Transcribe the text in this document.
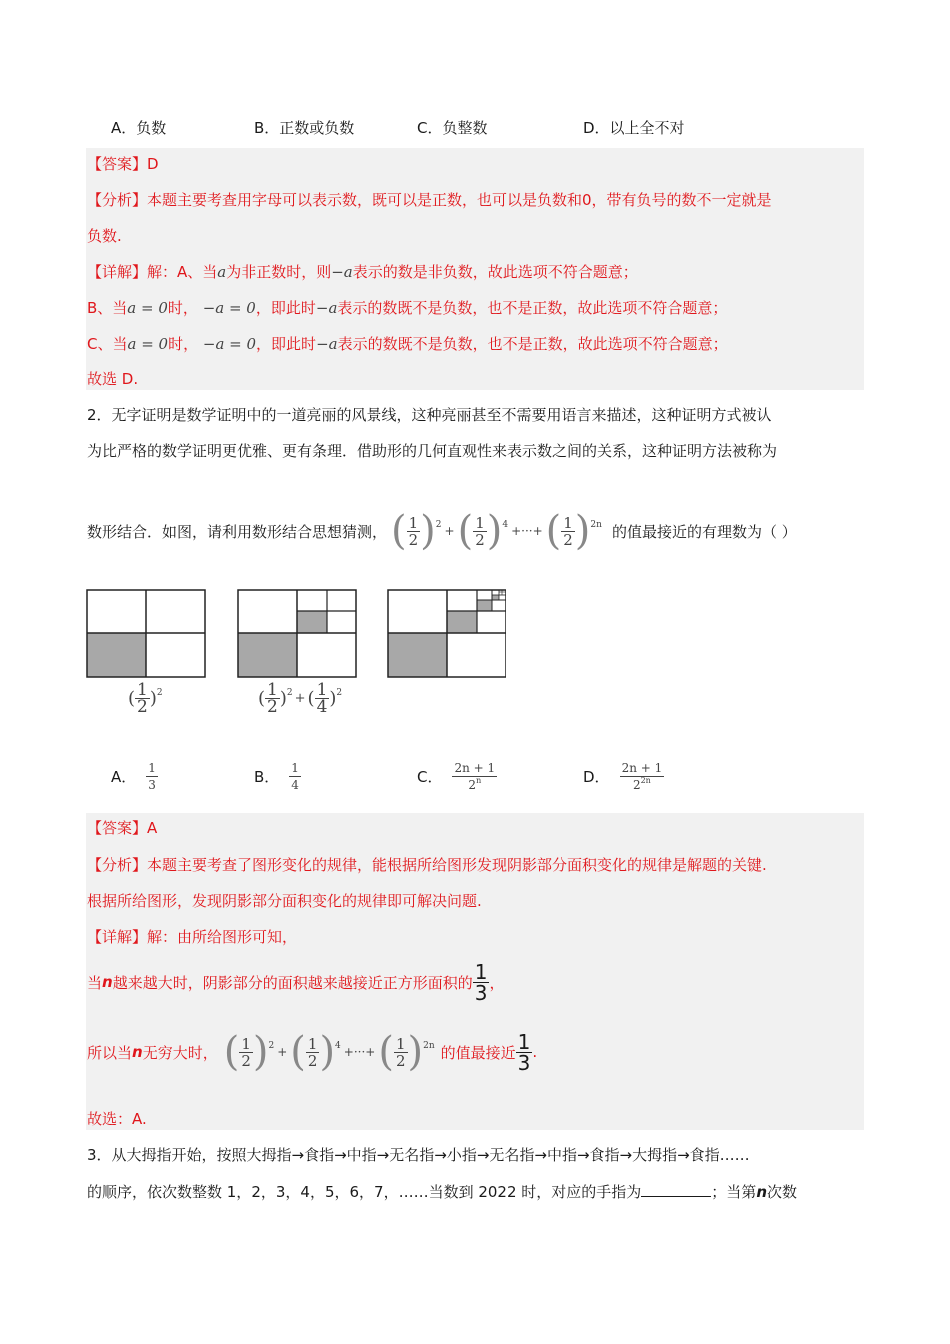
A．负数	B．正数或负数	C．负整数	D．以上全不对
【答案】D
【分析】本题主要考查用字母可以表示数，既可以是正数，也可以是负数和0，带有负号的数不一定就是
负数.
【详解】解：A、当a为非正数时，则−a表示的数是非负数，故此选项不符合题意；
B、当a = 0时， −a = 0，即此时−a表示的数既不是负数，也不是正数，故此选项不符合题意；
C、当a = 0时， −a = 0，即此时−a表示的数既不是负数，也不是正数，故此选项不符合题意；
故选 D.
2．无字证明是数学证明中的一道亮丽的风景线，这种亮丽甚至不需要用语言来描述，这种证明方式被认
为比严格的数学证明更优雅、更有条理．借助形的几何直观性来表示数之间的关系，这种证明方法被称为
数形结合．如图，请利用数形结合思想猜测， ( $\frac{1}{2}$ ) 2 + ( $\frac{1}{2}$ ) 4 +···+ ( $\frac{1}{2}$ ) 2n 的值最接近的有理数为（ ）
( $\frac{1}{2}$ ) 2	( $\frac{1}{2}$ ) 2 + ( $\frac{1}{4}$ ) 2
A． $\frac{1}{3}$	B． $\frac{1}{4}$	C． $\frac{2n + 1}{2^n}$	D． $\frac{2n + 1}{2^{2n}}$
【答案】A
【分析】本题主要考查了图形变化的规律，能根据所给图形发现阴影部分面积变化的规律是解题的关键.
根据所给图形，发现阴影部分面积变化的规律即可解决问题.
【详解】解：由所给图形可知，
当 n 越来越大时，阴影部分的面积越来越接近正方形面积的 $\frac{1}{3}$ ，
所以当 n 无穷大时， ( $\frac{1}{2}$ ) 2 + ( $\frac{1}{2}$ ) 4 +···+ ( $\frac{1}{2}$ ) 2n 的值最接近 $\frac{1}{3}$ .
故选：A.
3．从大拇指开始，按照大拇指→食指→中指→无名指→小指→无名指→中指→食指→大拇指→食指……
的顺序，依次数整数 1，2，3，4，5，6，7，……当数到 2022 时，对应的手指为	；当第n次数
